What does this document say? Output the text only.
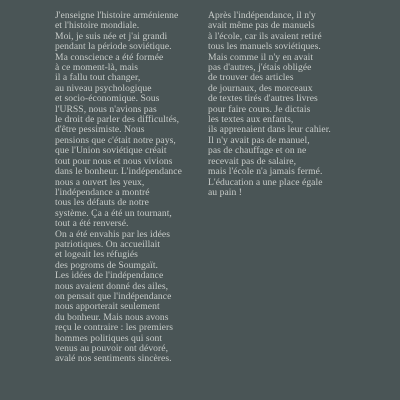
J'enseigne l'histoire arménienne
et l'histoire mondiale.
Moi, je suis née et j'ai grandi
pendant la période soviétique.
Ma conscience a été formée
à ce moment-là, mais
il a fallu tout changer,
au niveau psychologique
et socio-économique. Sous
l'URSS, nous n'avions pas
le droit de parler des difficultés,
d'être pessimiste. Nous
pensions que c'était notre pays,
que l'Union soviétique créait
tout pour nous et nous vivions
dans le bonheur. L'indépendance
nous a ouvert les yeux,
l'indépendance a montré
tous les défauts de notre
système. Ça a été un tournant,
tout a été renversé.
On a été envahis par les idées
patriotiques. On accueillait
et logeait les réfugiés
des pogroms de Soumgaït.
Les idées de l'indépendance
nous avaient donné des ailes,
on pensait que l'indépendance
nous apporterait seulement
du bonheur. Mais nous avons
reçu le contraire : les premiers
hommes politiques qui sont
venus au pouvoir ont dévoré,
avalé nos sentiments sincères.
Après l'indépendance, il n'y
avait même pas de manuels
à l'école, car ils avaient retiré
tous les manuels soviétiques.
Mais comme il n'y en avait
pas d'autres, j'étais obligée
de trouver des articles
de journaux, des morceaux
de textes tirés d'autres livres
pour faire cours. Je dictais
les textes aux enfants,
ils apprenaient dans leur cahier.
Il n'y avait pas de manuel,
pas de chauffage et on ne
recevait pas de salaire,
mais l'école n'a jamais fermé.
L'éducation a une place égale
au pain !
